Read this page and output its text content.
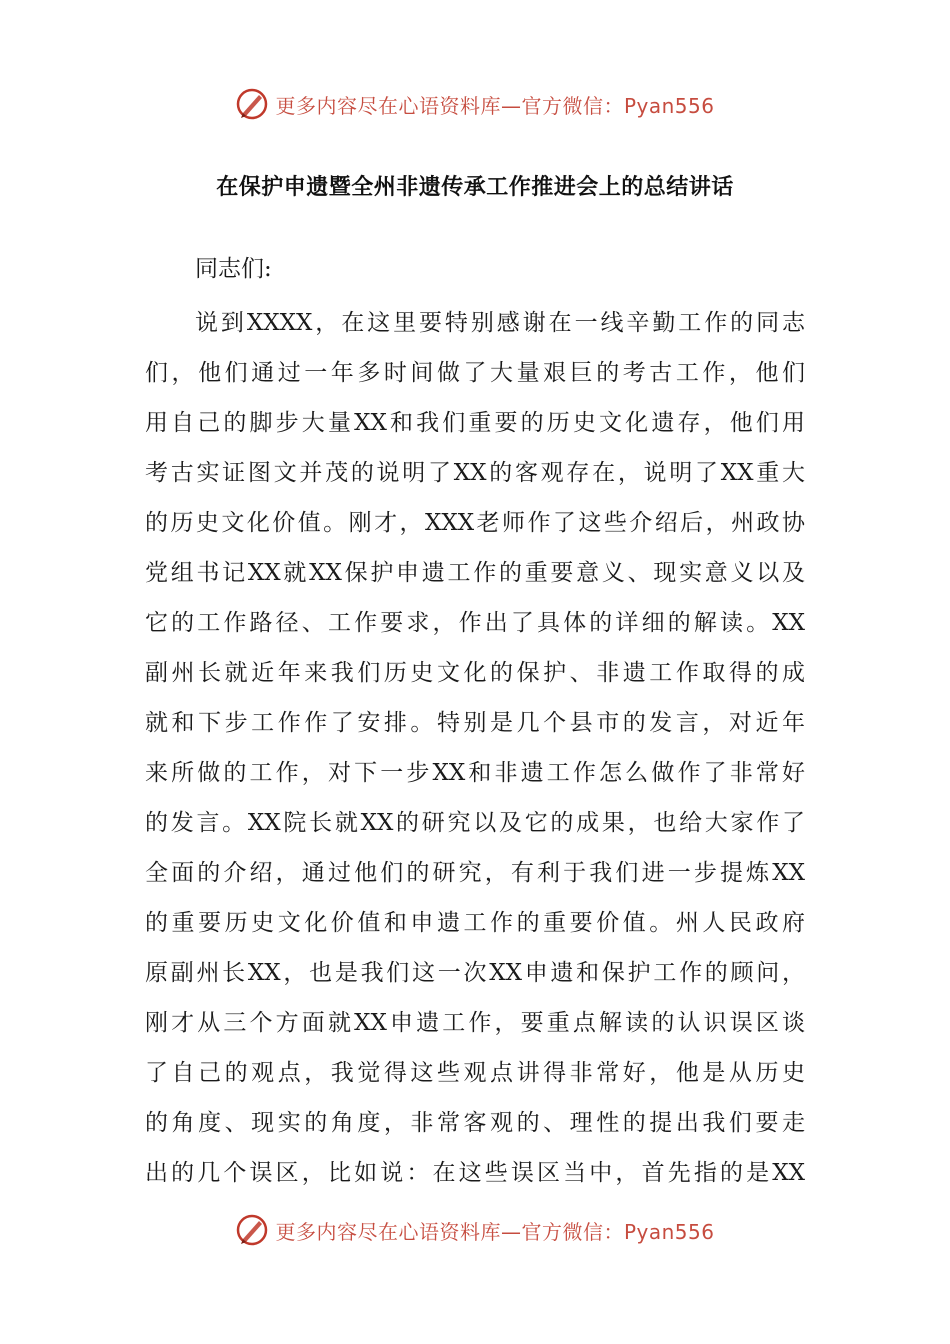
更多内容尽在心语资料库—官方微信：Pyan556
在保护申遗暨全州非遗传承工作推进会上的总结讲话
同志们:
说到XXXX，在这里要特别感谢在一线辛勤工作的同志
们，他们通过一年多时间做了大量艰巨的考古工作，他们
用自己的脚步大量XX和我们重要的历史文化遗存，他们用
考古实证图文并茂的说明了XX的客观存在，说明了XX重大
的历史文化价值。刚才，XXX老师作了这些介绍后，州政协
党组书记XX就XX保护申遗工作的重要意义、现实意义以及
它的工作路径、工作要求，作出了具体的详细的解读。XX
副州长就近年来我们历史文化的保护、非遗工作取得的成
就和下步工作作了安排。特别是几个县市的发言，对近年
来所做的工作，对下一步XX和非遗工作怎么做作了非常好
的发言。XX院长就XX的研究以及它的成果，也给大家作了
全面的介绍，通过他们的研究，有利于我们进一步提炼XX
的重要历史文化价值和申遗工作的重要价值。州人民政府
原副州长XX，也是我们这一次XX申遗和保护工作的顾问，
刚才从三个方面就XX申遗工作，要重点解读的认识误区谈
了自己的观点，我觉得这些观点讲得非常好，他是从历史
的角度、现实的角度，非常客观的、理性的提出我们要走
出的几个误区，比如说：在这些误区当中，首先指的是XX
更多内容尽在心语资料库—官方微信：Pyan556
